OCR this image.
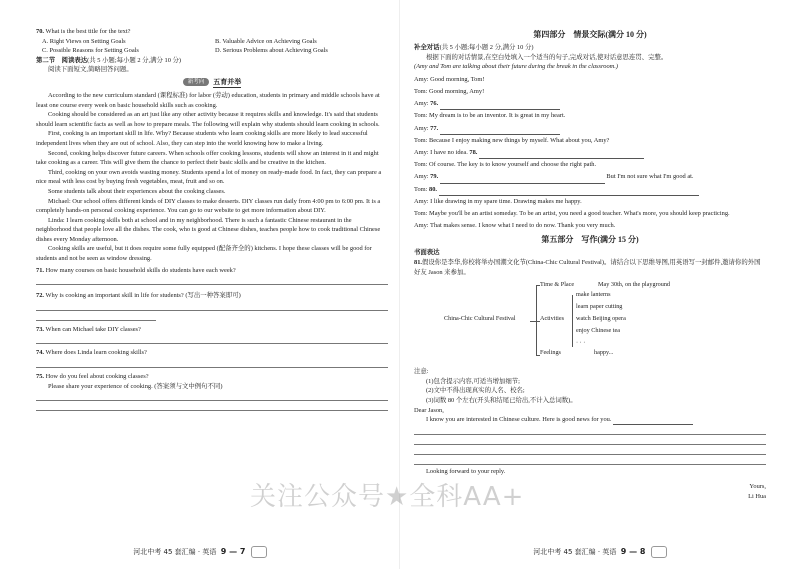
70. What is the best title for the text?

A. Right Views on Setting Goals	B. Valuable Advice on Achieving Goals
C. Possible Reasons for Setting Goals	D. Serious Problems about Achieving Goals

第二节　阅读表达(共 5 小题;每小题 2 分,满分 10 分)

阅读下面短文,简略回答问题。

新考向	五育并举

According to the new curriculum standard (课程标准) for labor (劳动) education, students in primary and middle schools have at least one course every week on basic household skills such as cooking.

Cooking should be considered as an art just like any other activity because it requires skills and knowledge. It's said that students should learn scientific facts as well as how to prepare meals. The following will explain why students should learn cooking in schools.

First, cooking is an important skill in life. Why? Because students who learn cooking skills are more likely to lead successful independent lives when they are out of school. Also, they can step into the world knowing how to make a living.

Second, cooking helps discover future careers. When schools offer cooking lessons, students will show an interest in it and might take cooking as a career. This will give them the chance to perfect their basic skills and be creative in the kitchen.

Third, cooking on your own avoids wasting money. Students spend a lot of money on ready-made food. In fact, they can prepare a nice meal with less cost by buying fresh vegetables, meat, fruit and so on.

Some students talk about their experiences about the cooking classes.

Michael: Our school offers different kinds of DIY classes to make desserts. DIY classes run daily from 4:00 pm to 6:00 pm. It is a completely hands-on personal cooking experience. You can go to our website to get more information about DIY.

Linda: I learn cooking skills both at school and in my neighborhood. There is such a fantastic Chinese restaurant in the neighborhood that people love all the dishes. The cook, who is good at Chinese dishes, teaches people how to cook traditional Chinese dishes every Monday afternoon.

Cooking skills are useful, but it does require some fully equipped (配备齐全的) kitchens. I hope these classes will be good for students and not be seen as window dressing.

71. How many courses on basic household skills do students have each week?

72. Why is cooking an important skill in life for students? (写出一种答案即可)

73. When can Michael take DIY classes?

74. Where does Linda learn cooking skills?

75. How do you feel about cooking classes?

Please share your experience of cooking. (答案须与文中例句不同)

河北中考 45 套汇编 · 英语 9 — 7
第四部分　情景交际(满分 10 分)

补全对话(共 5 小题;每小题 2 分,满分 10 分)

根据下面的对话情景,在空白处填入一个适当的句子,完成对话,使对话意思连贯、完整。

(Amy and Tom are talking about their future during the break in the classroom.)

Amy: Good morning, Tom!

Tom: Good morning, Amy!

Amy: 76.

Tom: My dream is to be an inventor. It is great in my heart.

Amy: 77.

Tom: Because I enjoy making new things by myself. What about you, Amy?

Amy: I have no idea. 78.

Tom: Of course. The key is to know yourself and choose the right path.

Amy: 79.	But I'm not sure what I'm good at.

Tom: 80.

Amy: I like drawing in my spare time. Drawing makes me happy.

Tom: Maybe you'll be an artist someday. To be an artist, you need a good teacher. What's more, you should keep practicing.

Amy: That makes sense. I know what I need to do now. Thank you very much.

第五部分　写作(满分 15 分)

书面表达

81.假设你是李华,你校将举办国潮文化节(China-Chic Cultural Festival)。请结合以下思维导图,用英语写一封邮件,邀请你的外国好友 Jason 来参加。

China-Chic Cultural Festival
Time & Place	May 30th, on the playground
Activities
make lanterns
learn paper cutting
watch Beijing opera
enjoy Chinese tea
· · ·
Feelings	happy...

注意:

(1)包含提示内容,可适当增加细节;

(2)文中不得出现真实的人名、校名;

(3)词数 80 个左右(开头和结尾已给出,不计入总词数)。

Dear Jason,

I know you are interested in Chinese culture. Here is good news for you.

Looking forward to your reply.

Yours,

Li Hua

河北中考 45 套汇编 · 英语 9 — 8
关注公众号★全科AA+
